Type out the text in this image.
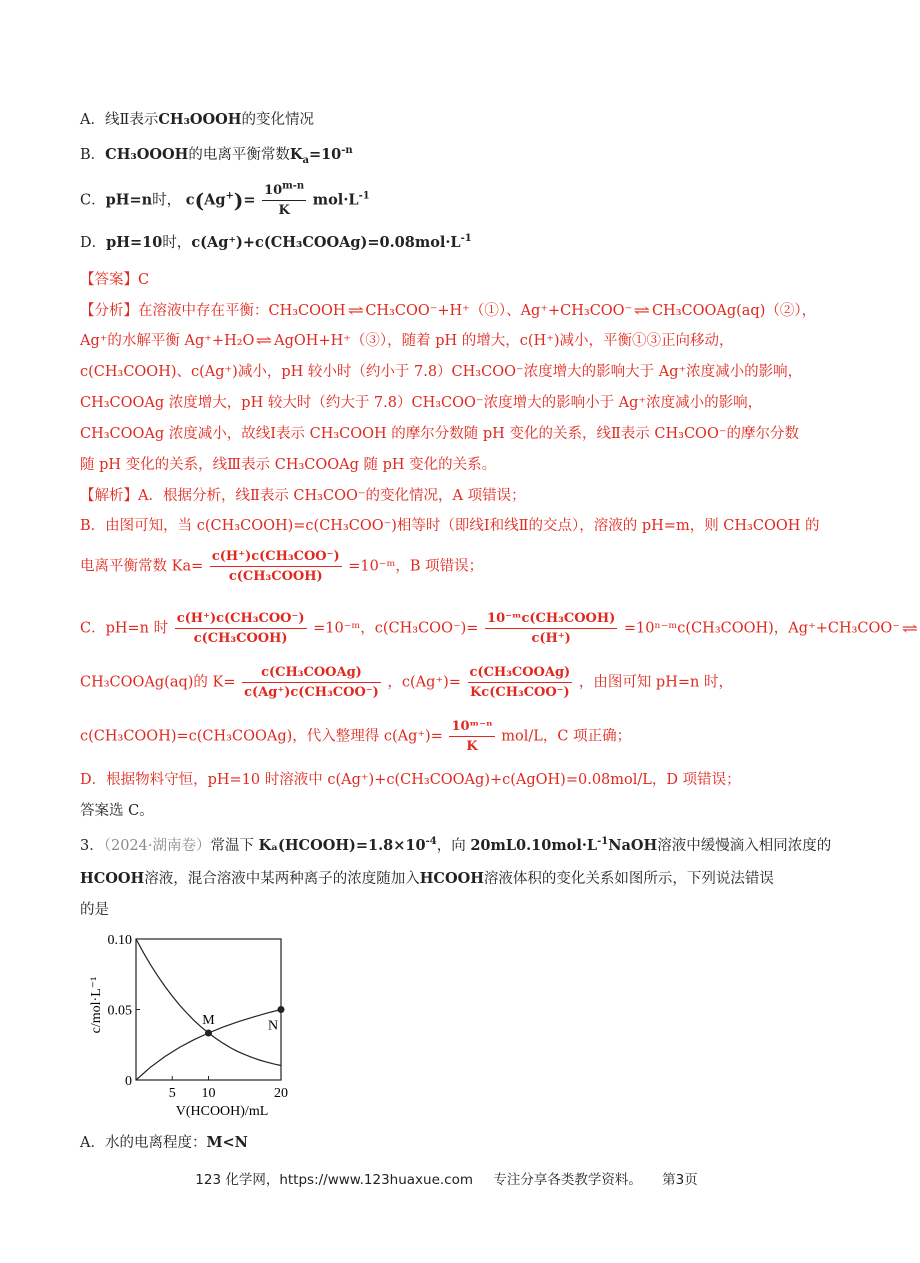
A．线Ⅱ表示CH₃OOOH的变化情况
B．CH₃OOOH的电离平衡常数$K_a=10^{-n}$
C．pH=n时， $c(Ag^+)= \frac{10^{m-n}}{K} mol\cdot L^{-1}$
D．pH=10时，$c(Ag^+)+c(CH_3COOAg)=0.08mol\cdot L^{-1}$
【答案】C
【分析】在溶液中存在平衡：CH₃COOH ⇌ CH₃COO⁻+H⁺（①）、Ag⁺+CH₃COO⁻ ⇌ CH₃COOAg(aq)（②），
Ag⁺的水解平衡 Ag⁺+H₂O ⇌ AgOH+H⁺（③），随着 pH 的增大，c(H⁺)减小，平衡①③正向移动，
c(CH₃COOH)、c(Ag⁺)减小，pH 较小时（约小于 7.8）CH₃COO⁻浓度增大的影响大于 Ag⁺浓度减小的影响，
CH₃COOAg 浓度增大，pH 较大时（约大于 7.8）CH₃COO⁻浓度增大的影响小于 Ag⁺浓度减小的影响，
CH₃COOAg 浓度减小，故线Ⅰ表示 CH₃COOH 的摩尔分数随 pH 变化的关系，线Ⅱ表示 CH₃COO⁻的摩尔分数
随 pH 变化的关系，线Ⅲ表示 CH₃COOAg 随 pH 变化的关系。
【解析】A．根据分析，线Ⅱ表示 CH₃COO⁻的变化情况，A 项错误；
B．由图可知，当 c(CH₃COOH)=c(CH₃COO⁻)相等时（即线Ⅰ和线Ⅱ的交点），溶液的 pH=m，则 CH₃COOH 的
电离平衡常数 $Ka= \frac{\text{c(H⁺)c(CH₃COO⁻)}}{\text{c(CH₃COOH)}}$ =10⁻ᵐ，B 项错误；
C．pH=n 时 $\frac{\text{c(H⁺)c(CH₃COO⁻)}}{\text{c(CH₃COOH)}}$ =10⁻ᵐ，$c(CH_3COO^-)= \frac{\text{10⁻ᵐc(CH₃COOH)}}{c(H^+)}$ =10ⁿ⁻ᵐc(CH₃COOH)，Ag⁺+CH₃COO⁻ ⇌
CH₃COOAg(aq)的 $K= \frac{\text{c(CH₃COOAg)}}{\text{c(Ag⁺)c(CH₃COO⁻)}}$ ，$c(Ag^+)= \frac{\text{c(CH₃COOAg)}}{\text{Kc(CH₃COO⁻)}}$ ，由图可知 pH=n 时，
c(CH₃COOH)=c(CH₃COOAg)，代入整理得 $c(Ag^+)= \frac{\text{10ᵐ⁻ⁿ}}{K} mol/L$，C 项正确；
D．根据物料守恒，pH=10 时溶液中 c(Ag⁺)+c(CH₃COOAg)+c(AgOH)=0.08mol/L，D 项错误；
答案选 C。
3．（2024·湖南卷）常温下 $K_a(HCOOH)=1.8\times 10^{-4}$，向 $20mL0.10mol\cdot L^{-1}NaOH$溶液中缓慢滴入相同浓度的
HCOOH溶液，混合溶液中某两种离子的浓度随加入HCOOH溶液体积的变化关系如图所示，下列说法错误
的是
5 10	20
0.10
0.05
0
M	N
V(HCOOH)/mL
c/mol·L⁻¹
A．水的电离程度：M<N
123 化学网，https://www.123huaxue.com 专注分享各类教学资料。 第3页
